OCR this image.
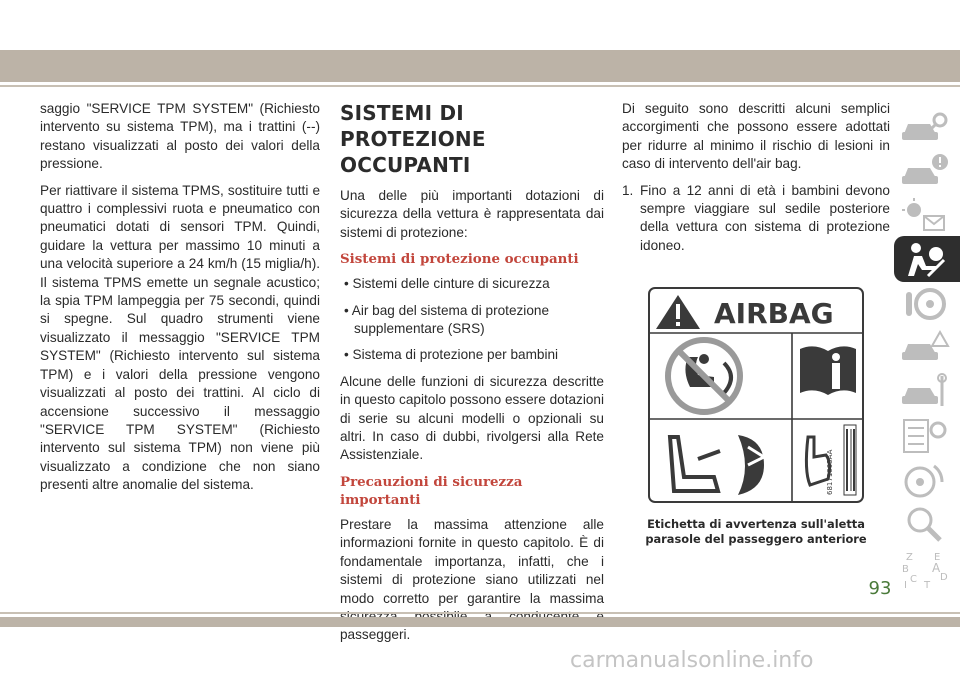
saggio "SERVICE TPM SYSTEM" (Richiesto intervento su sistema TPM), ma i trattini (--) restano visualizzati al posto dei valori della pressione.

Per riattivare il sistema TPMS, sostituire tutti e quattro i complessivi ruota e pneumatico con pneumatici dotati di sensori TPM. Quindi, guidare la vettura per massimo 10 minuti a una velocità superiore a 24 km/h (15 miglia/h). Il sistema TPMS emette un segnale acustico; la spia TPM lampeggia per 75 secondi, quindi si spegne. Sul quadro strumenti viene visualizzato il messaggio "SERVICE TPM SYSTEM" (Richiesto intervento sul sistema TPM) e i valori della pressione vengono visualizzati al posto dei trattini. Al ciclo di accensione successivo il messaggio "SERVICE TPM SYSTEM" (Richiesto intervento sul sistema TPM) non viene più visualizzato a condizione che non siano presenti altre anomalie del sistema.

SISTEMI DI PROTEZIONE OCCUPANTI

Una delle più importanti dotazioni di sicurezza della vettura è rappresentata dai sistemi di protezione:

Sistemi di protezione occupanti

• Sistemi delle cinture di sicurezza

• Air bag del sistema di protezione supplementare (SRS)

• Sistema di protezione per bambini

Alcune delle funzioni di sicurezza descritte in questo capitolo possono essere dotazioni di serie su alcuni modelli o opzionali su altri. In caso di dubbi, rivolgersi alla Rete Assistenziale.

Precauzioni di sicurezza importanti

Prestare la massima attenzione alle informazioni fornite in questo capitolo. È di fondamentale importanza, infatti, che i sistemi di protezione siano utilizzati nel modo corretto per garantire la massima passeggeri.

Di seguito sono descritti alcuni semplici accorgimenti che possono essere adottati per ridurre al minimo il rischio di lesioni in caso di intervento dell'air bag.

1. Fino a 12 anni di età i bambini devono sempre viaggiare sul sedile posteriore della vettura con sistema di protezione idoneo.
AIRBAG
68171003AA
Etichetta di avvertenza sull'aletta
parasole del passeggero anteriore
Z E
B A
C D
I T
93
carmanualsonline.info
